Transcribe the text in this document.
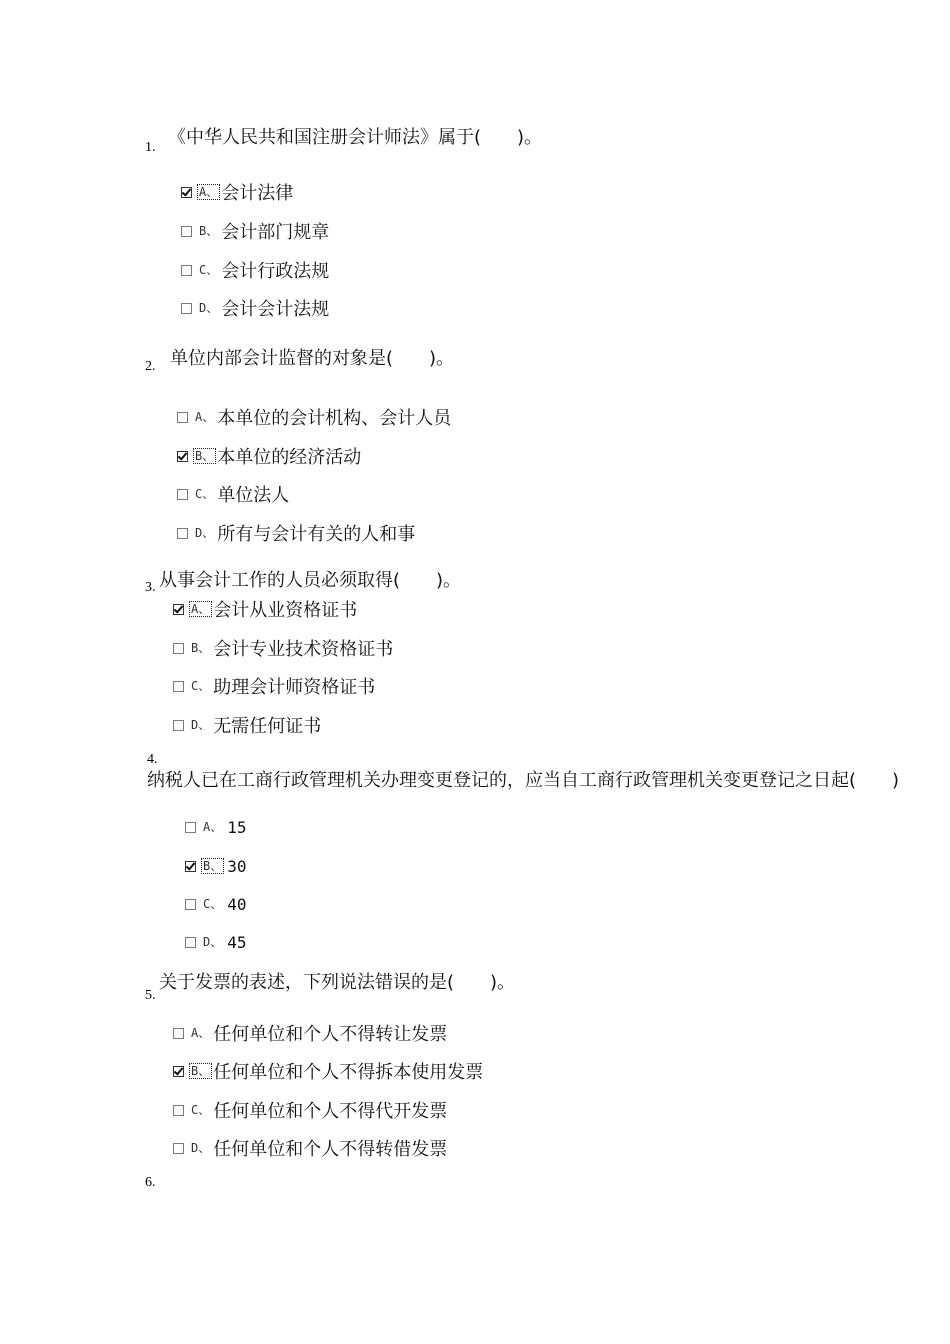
1. 《中华人民共和国注册会计师法》属于(　　)。
A、 会计法律
B、 会计部门规章
C、 会计行政法规
D、 会计会计法规
2. 单位内部会计监督的对象是(　　)。
A、 本单位的会计机构、会计人员
B、 本单位的经济活动
C、 单位法人
D、 所有与会计有关的人和事
3. 从事会计工作的人员必须取得(　　)。
A、 会计从业资格证书
B、 会计专业技术资格证书
C、 助理会计师资格证书
D、 无需任何证书
4.
纳税人已在工商行政管理机关办理变更登记的，应当自工商行政管理机关变更登记之日起(　　)
A、 15
B、 30
C、 40
D、 45
5.
关于发票的表述，下列说法错误的是(　　)。
A、 任何单位和个人不得转让发票
B、 任何单位和个人不得拆本使用发票
C、 任何单位和个人不得代开发票
D、 任何单位和个人不得转借发票
6.
